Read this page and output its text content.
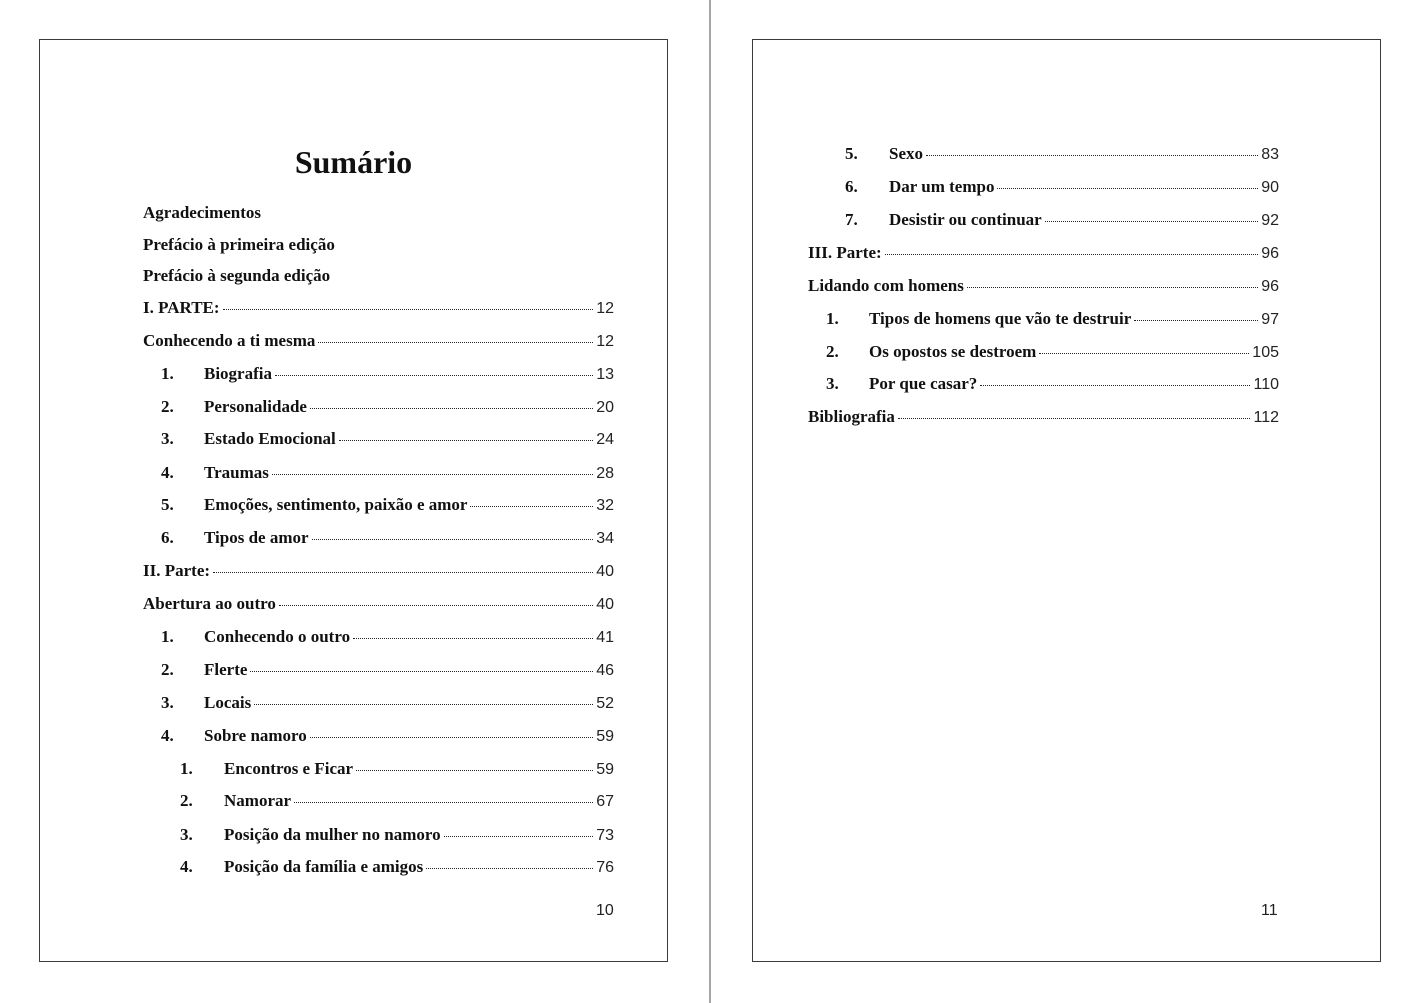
Sumário
Agradecimentos
Prefácio à primeira edição
Prefácio à segunda edição
I. PARTE:	12
Conhecendo a ti mesma	12
1.	Biografia	13
2.	Personalidade	20
3.	Estado Emocional	24
4.	Traumas	28
5.	Emoções, sentimento, paixão e amor	32
6.	Tipos de amor	34
II. Parte:	40
Abertura ao outro	40
1.	Conhecendo o outro	41
2.	Flerte	46
3.	Locais	52
4.	Sobre namoro	59
1.	Encontros e Ficar	59
2.	Namorar	67
3.	Posição da mulher no namoro	73
4.	Posição da família e amigos	76
10
5.	Sexo	83
6.	Dar um tempo	90
7.	Desistir ou continuar	92
III. Parte:	96
Lidando com homens	96
1.	Tipos de homens que vão te destruir	97
2.	Os opostos se destroem	105
3.	Por que casar?	110
Bibliografia	112
11
